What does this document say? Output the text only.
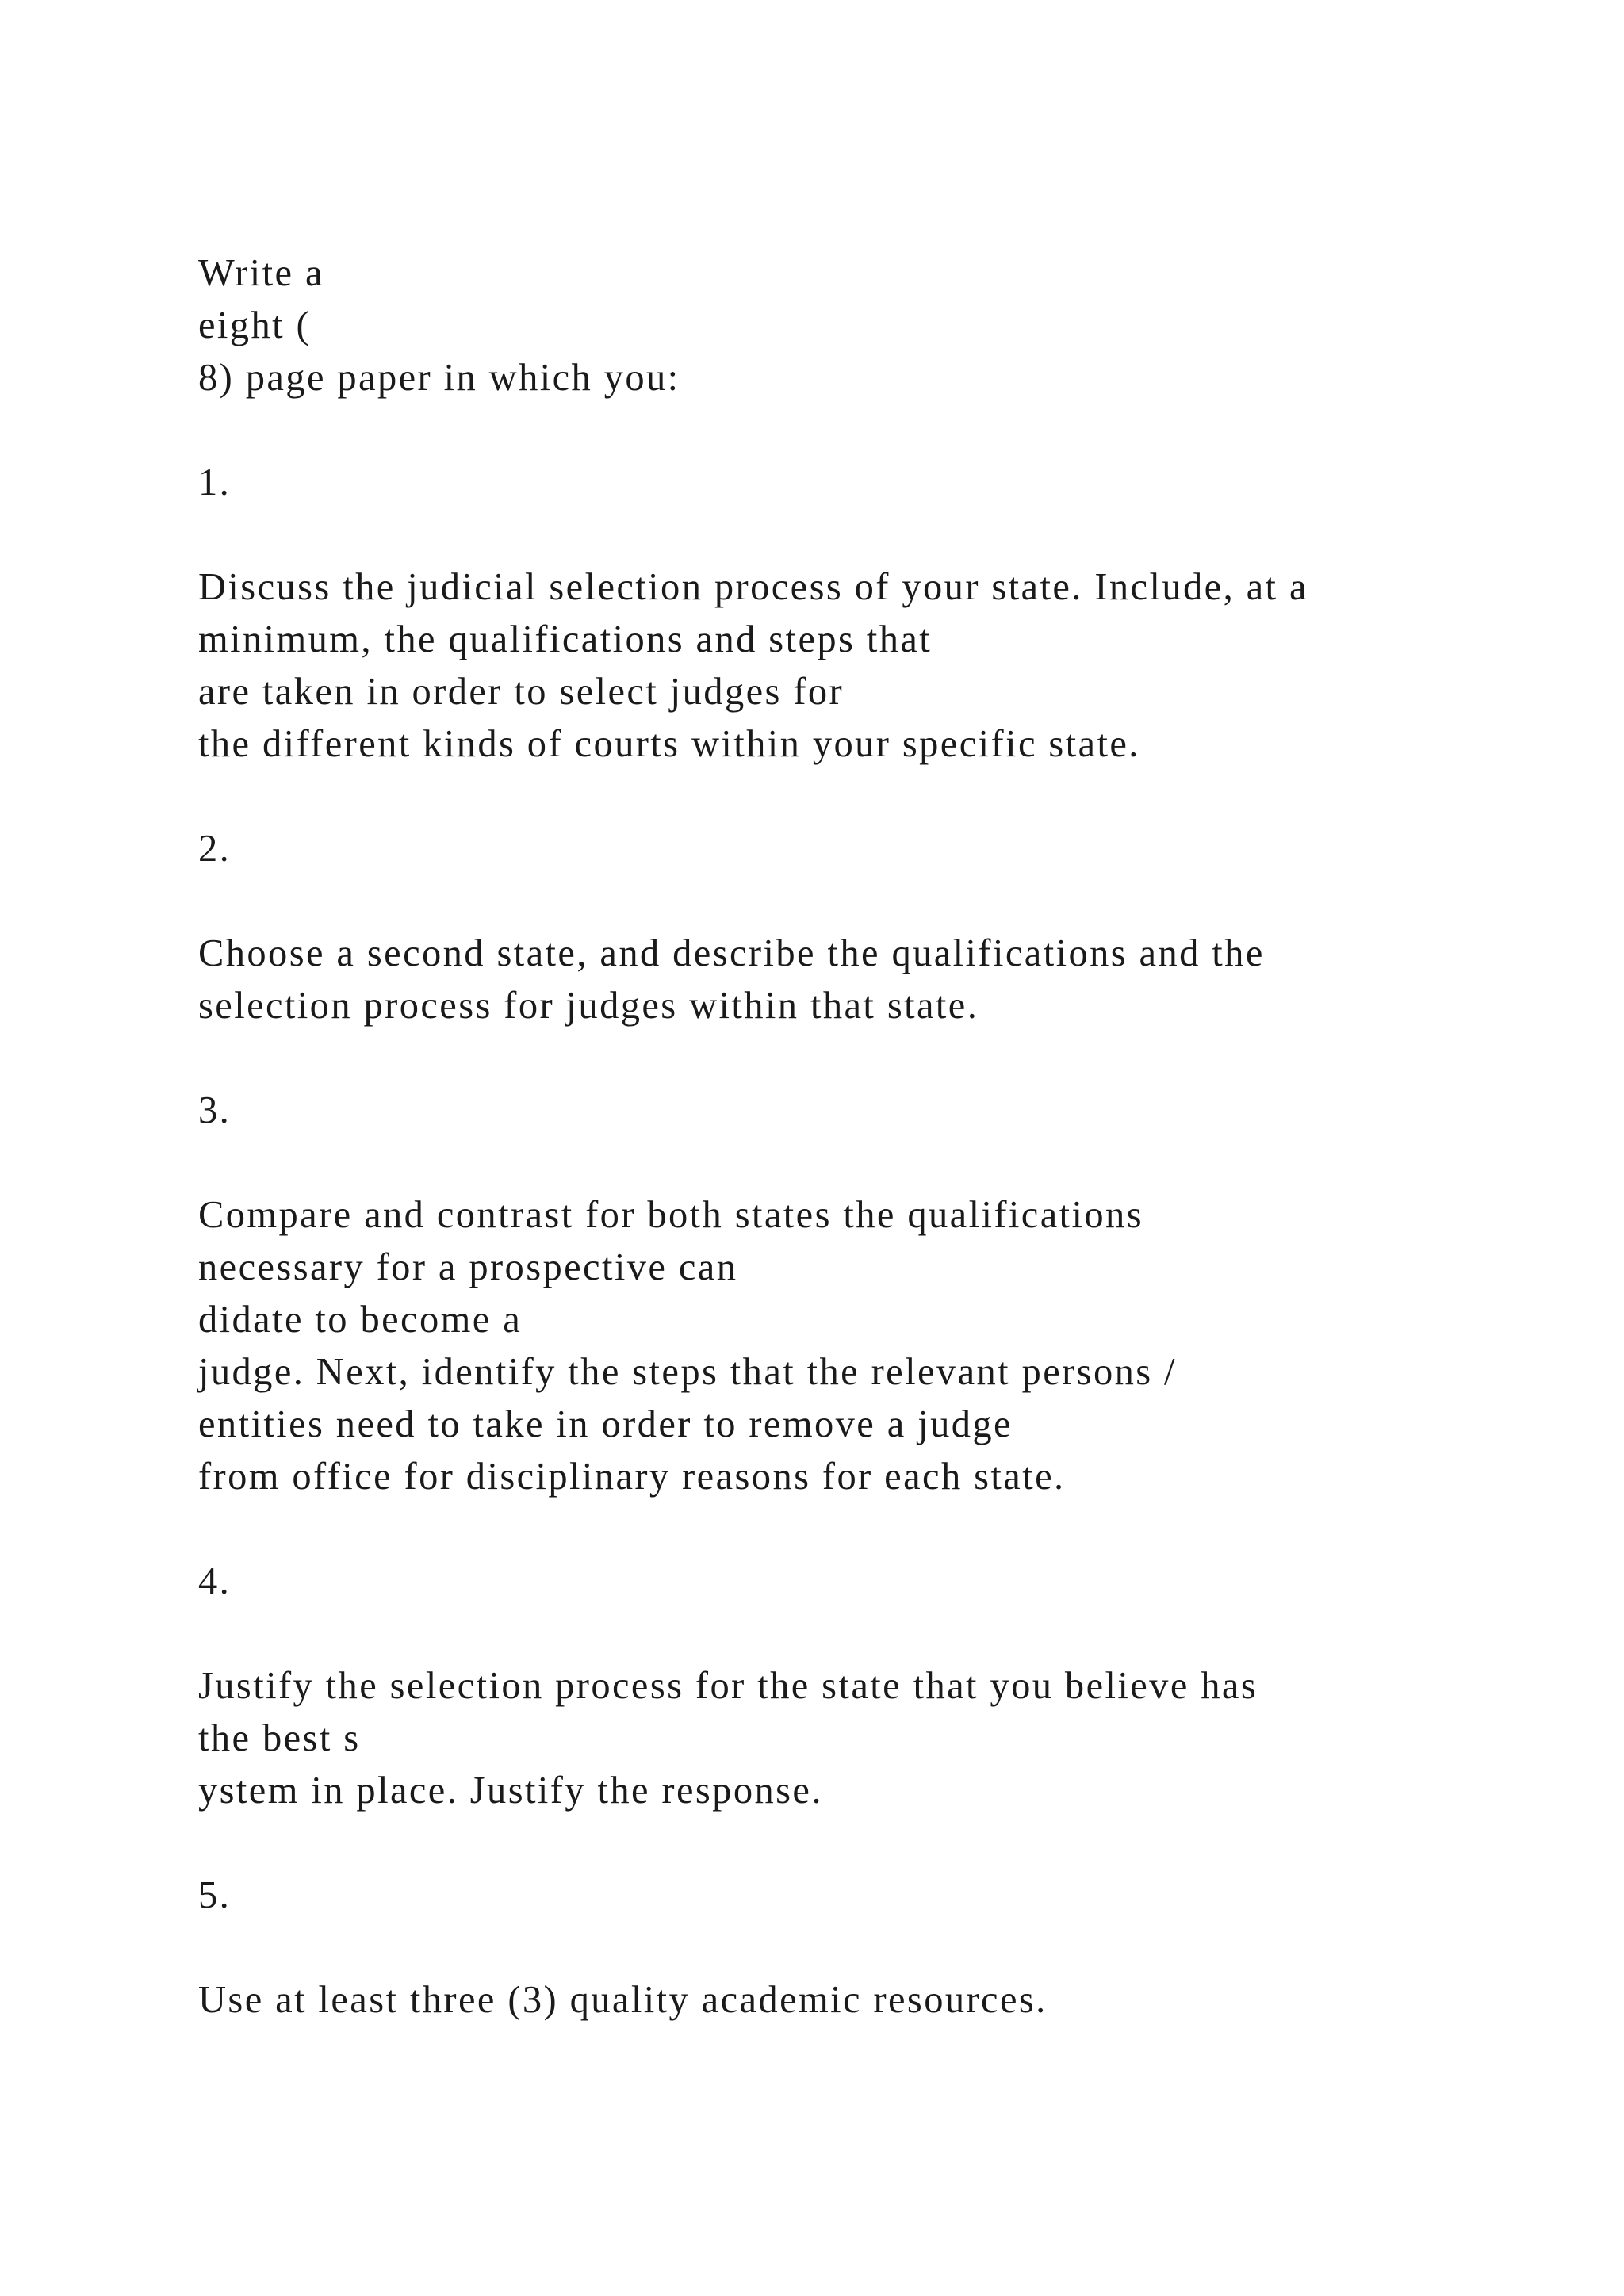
Write a
eight (
8) page paper in which you:
1.
Discuss the judicial selection process of your state. Include, at a
minimum, the qualifications and steps that
are taken in order to select judges for
the different kinds of courts within your specific state.
2.
Choose a second state, and describe the qualifications and the
selection process for judges within that state.
3.
Compare and contrast for both states the qualifications
necessary for a prospective can
didate to become a
judge. Next, identify the steps that the relevant persons /
entities need to take in order to remove a judge
from office for disciplinary reasons for each state.
4.
Justify the selection process for the state that you believe has
the best s
ystem in place. Justify the response.
5.
Use at least three (3) quality academic resources.
